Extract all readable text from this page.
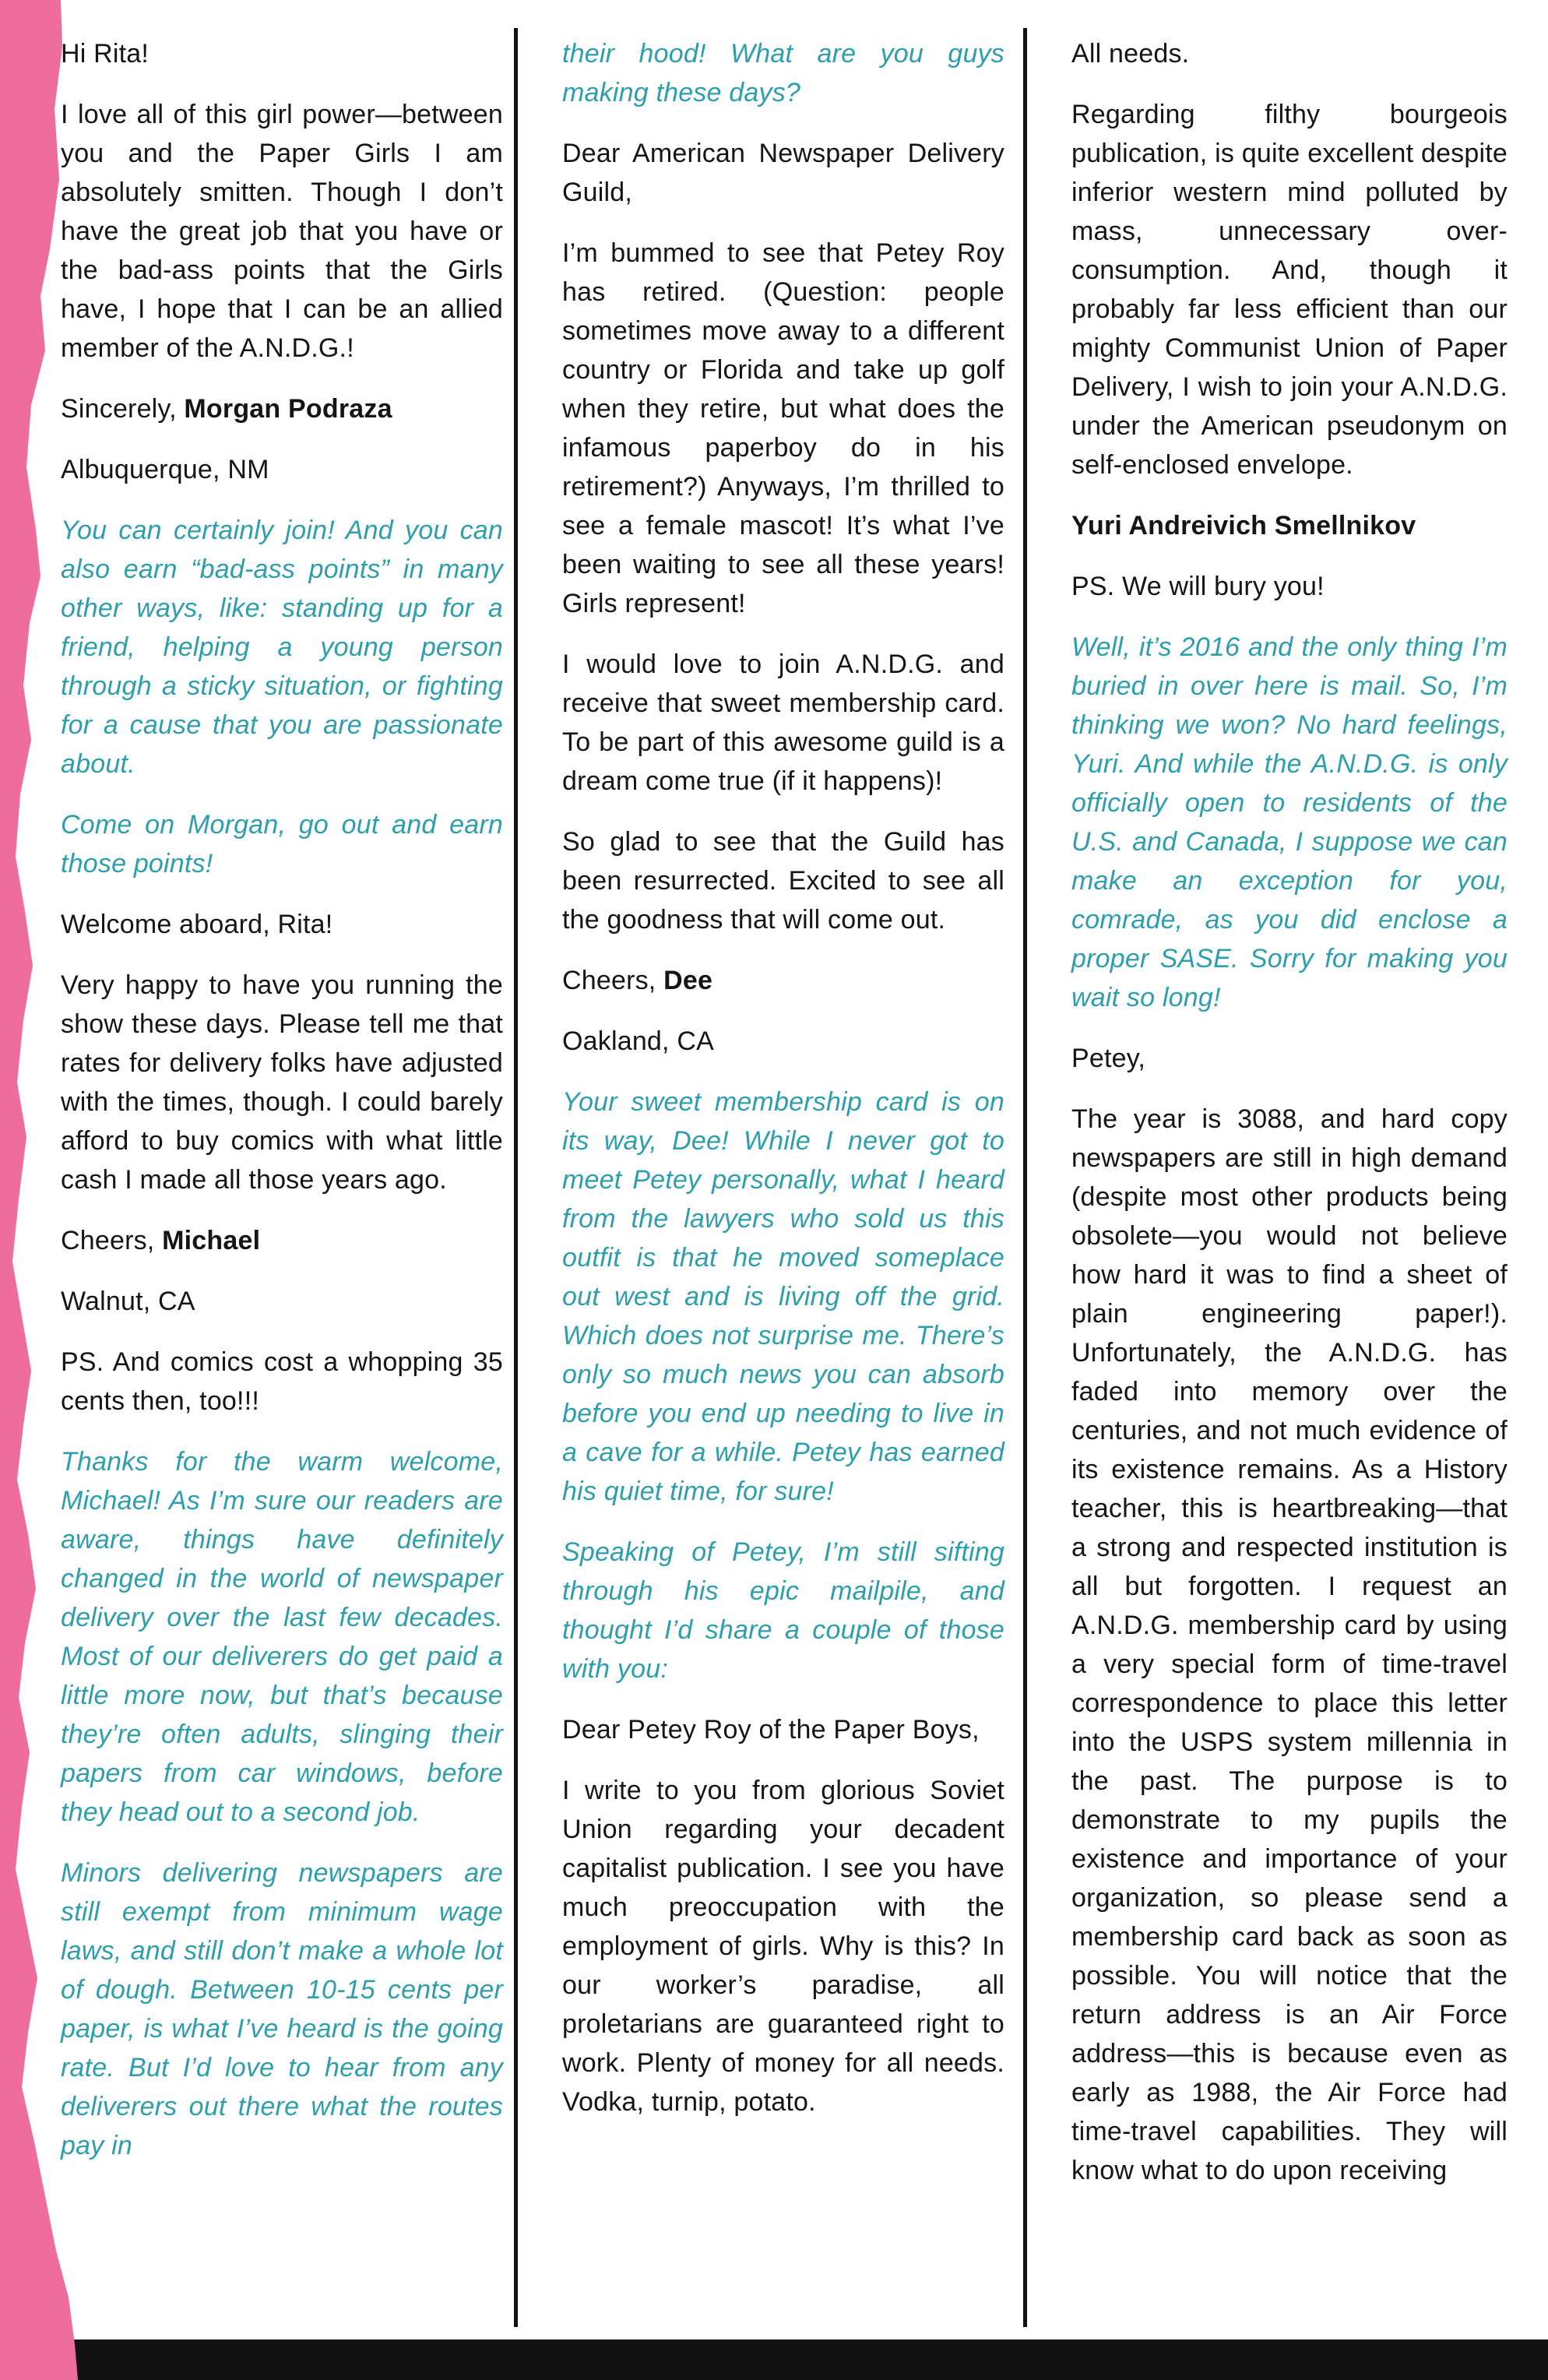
Hi Rita!

I love all of this girl power—between you and the Paper Girls I am absolutely smitten. Though I don’t have the great job that you have or the bad-ass points that the Girls have, I hope that I can be an allied member of the A.N.D.G.!

Sincerely, Morgan Podraza

Albuquerque, NM

You can certainly join! And you can also earn “bad-ass points” in many other ways, like: standing up for a friend, helping a young person through a sticky situation, or fighting for a cause that you are passionate about.

Come on Morgan, go out and earn those points!

Welcome aboard, Rita!

Very happy to have you running the show these days. Please tell me that rates for delivery folks have adjusted with the times, though. I could barely afford to buy comics with what little cash I made all those years ago.

Cheers, Michael

Walnut, CA

PS. And comics cost a whopping 35 cents then, too!!!

Thanks for the warm welcome, Michael! As I’m sure our readers are aware, things have definitely changed in the world of newspaper delivery over the last few decades. Most of our deliverers do get paid a little more now, but that’s because they’re often adults, slinging their papers from car windows, before they head out to a second job.

Minors delivering newspapers are still exempt from minimum wage laws, and still don’t make a whole lot of dough. Between 10-15 cents per paper, is what I’ve heard is the going rate. But I’d love to hear from any deliverers out there what the routes pay in

their hood! What are you guys making these days?

Dear American Newspaper Delivery Guild,

I’m bummed to see that Petey Roy has retired. (Question: people sometimes move away to a different country or Florida and take up golf when they retire, but what does the infamous paperboy do in his retirement?) Anyways, I’m thrilled to see a female mascot! It’s what I’ve been waiting to see all these years! Girls represent!

I would love to join A.N.D.G. and receive that sweet membership card. To be part of this awesome guild is a dream come true (if it happens)!

So glad to see that the Guild has been resurrected. Excited to see all the goodness that will come out.

Cheers, Dee

Oakland, CA

Your sweet membership card is on its way, Dee! While I never got to meet Petey personally, what I heard from the lawyers who sold us this outfit is that he moved someplace out west and is living off the grid. Which does not surprise me. There’s only so much news you can absorb before you end up needing to live in a cave for a while. Petey has earned his quiet time, for sure!

Speaking of Petey, I’m still sifting through his epic mailpile, and thought I’d share a couple of those with you:

Dear Petey Roy of the Paper Boys,

I write to you from glorious Soviet Union regarding your decadent capitalist publication. I see you have much preoccupation with the employment of girls. Why is this? In our worker’s paradise, all proletarians are guaranteed right to work. Plenty of money for all needs. Vodka, turnip, potato.

All needs.

Regarding filthy bourgeois publication, is quite excellent despite inferior western mind polluted by mass, unnecessary over-consumption. And, though it probably far less efficient than our mighty Communist Union of Paper Delivery, I wish to join your A.N.D.G. under the American pseudonym on self-enclosed envelope.

Yuri Andreivich Smellnikov

PS. We will bury you!

Well, it’s 2016 and the only thing I’m buried in over here is mail. So, I’m thinking we won? No hard feelings, Yuri. And while the A.N.D.G. is only officially open to residents of the U.S. and Canada, I suppose we can make an exception for you, comrade, as you did enclose a proper SASE. Sorry for making you wait so long!

Petey,

The year is 3088, and hard copy newspapers are still in high demand (despite most other products being obsolete—you would not believe how hard it was to find a sheet of plain engineering paper!). Unfortunately, the A.N.D.G. has faded into memory over the centuries, and not much evidence of its existence remains. As a History teacher, this is heartbreaking—that a strong and respected institution is all but forgotten. I request an A.N.D.G. membership card by using a very special form of time-travel correspondence to place this letter into the USPS system millennia in the past. The purpose is to demonstrate to my pupils the existence and importance of your organization, so please send a membership card back as soon as possible. You will notice that the return address is an Air Force address—this is because even as early as 1988, the Air Force had time-travel capabilities. They will know what to do upon receiving
